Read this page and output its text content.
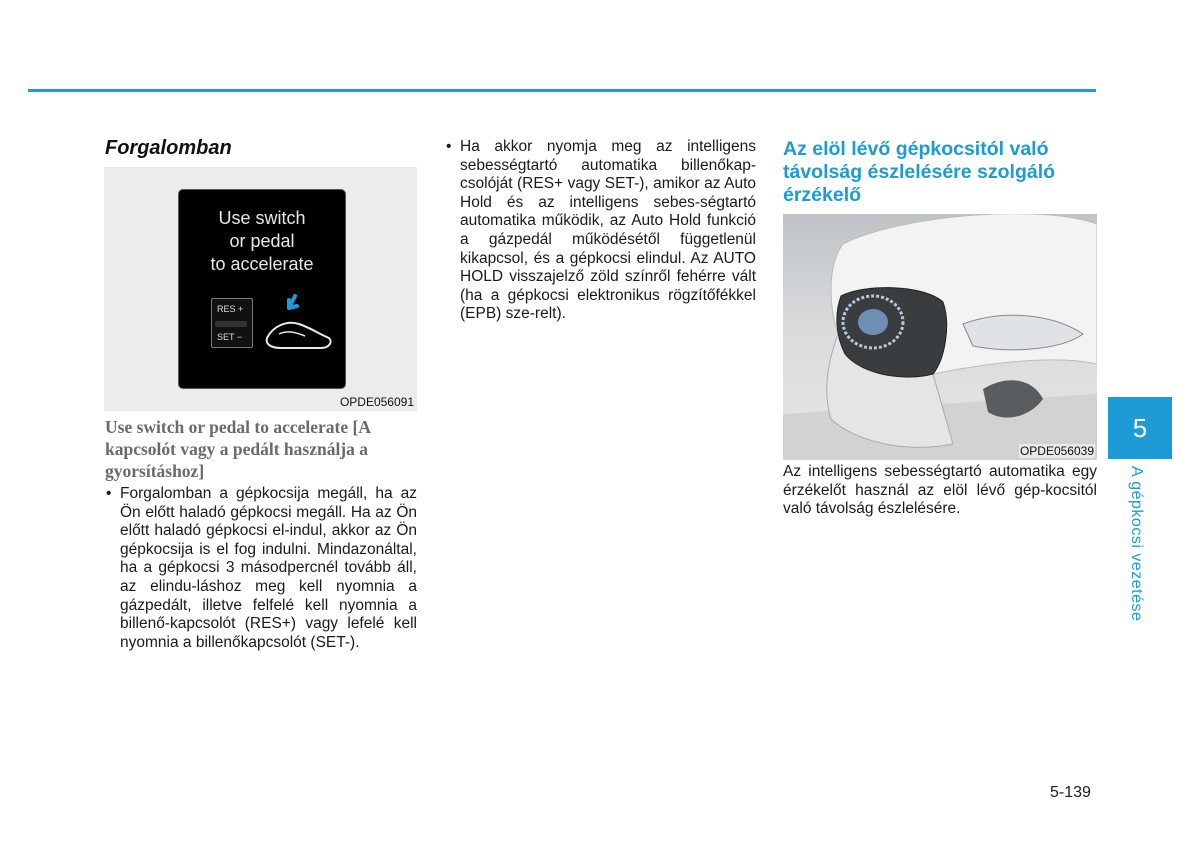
Forgalomban
Use switch
or pedal
to accelerate
RES +
SET −
OPDE056091
Use switch or pedal to accelerate [A kapcsolót vagy a pedált használja a gyorsításhoz]
• Forgalomban a gépkocsija megáll, ha az Ön előtt haladó gépkocsi megáll. Ha az Ön előtt haladó gépkocsi el-indul, akkor az Ön gépkocsija is el fog indulni. Mindazonáltal, ha a gépkocsi 3 másodpercnél tovább áll, az elindu-láshoz meg kell nyomnia a gázpedált, illetve felfelé kell nyomnia a billenő-kapcsolót (RES+) vagy lefelé kell nyomnia a billenőkapcsolót (SET-).
• Ha akkor nyomja meg az intelligens sebességtartó automatika billenőkap-csolóját (RES+ vagy SET-), amikor az Auto Hold és az intelligens sebes-ségtartó automatika működik, az Auto Hold funkció a gázpedál működésétől függetlenül kikapcsol, és a gépkocsi elindul. Az AUTO HOLD visszajelző zöld színről fehérre vált (ha a gépkocsi elektronikus rögzítőfékkel (EPB) sze-relt).
Az elöl lévő gépkocsitól való távolság észlelésére szolgáló érzékelő
OPDE056039
Az intelligens sebességtartó automatika egy érzékelőt használ az elöl lévő gép-kocsitól való távolság észlelésére.
5
A gépkocsi vezetése
5-139
